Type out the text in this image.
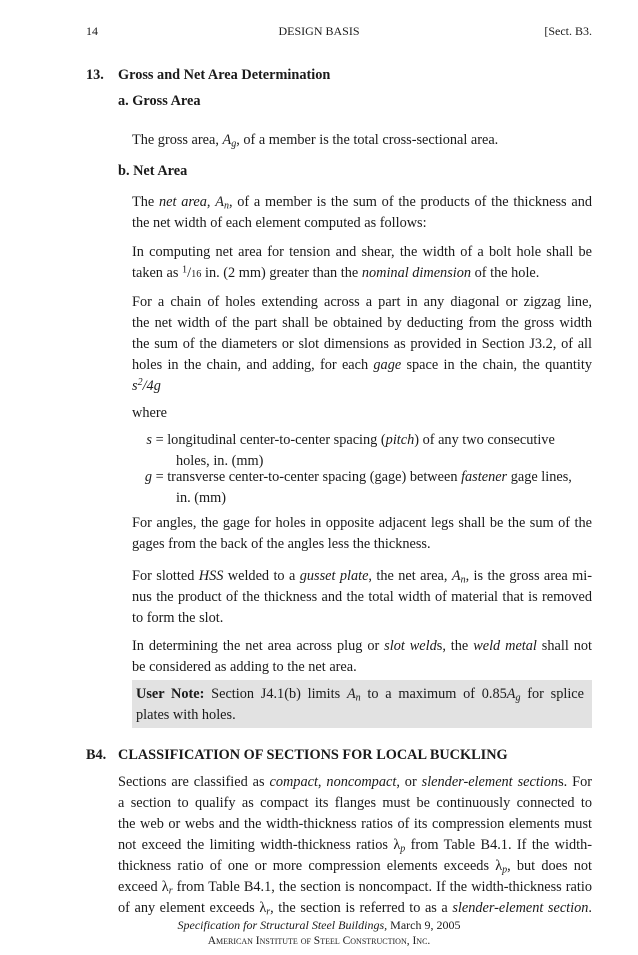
14	DESIGN BASIS	[Sect. B3.
13. Gross and Net Area Determination
a. Gross Area

The gross area, $A_g$, of a member is the total cross-sectional area.

b. Net Area

The net area, $A_n$, of a member is the sum of the products of the thickness and
the net width of each element computed as follows:

In computing net area for tension and shear, the width of a bolt hole shall be
taken as $^1$/16 in. (2 mm) greater than the nominal dimension of the hole.

For a chain of holes extending across a part in any diagonal or zigzag line,
the net width of the part shall be obtained by deducting from the gross width
the sum of the diameters or slot dimensions as provided in Section J3.2, of all
holes in the chain, and adding, for each gage space in the chain, the quantity
$s^2/4g$

where
s = longitudinal center-to-center spacing (pitch) of any two consecutive
holes, in. (mm)
g = transverse center-to-center spacing (gage) between fastener gage lines,
in. (mm)

For angles, the gage for holes in opposite adjacent legs shall be the sum of the
gages from the back of the angles less the thickness.

For slotted HSS welded to a gusset plate, the net area, $A_n$, is the gross area mi-
nus the product of the thickness and the total width of material that is removed
to form the slot.

In determining the net area across plug or slot welds, the weld metal shall not
be considered as adding to the net area.

User Note: Section J4.1(b) limits $A_n$ to a maximum of $0.85A_g$ for splice
plates with holes.

B4. CLASSIFICATION OF SECTIONS FOR LOCAL BUCKLING

Sections are classified as compact, noncompact, or slender-element sections. For
a section to qualify as compact its flanges must be continuously connected to
the web or webs and the width-thickness ratios of its compression elements must
not exceed the limiting width-thickness ratios $\lambda_p$ from Table B4.1. If the width-
thickness ratio of one or more compression elements exceeds $\lambda_p$, but does not
exceed $\lambda_r$ from Table B4.1, the section is noncompact. If the width-thickness ratio
of any element exceeds $\lambda_r$, the section is referred to as a slender-element section.

Specification for Structural Steel Buildings, March 9, 2005
American Institute of Steel Construction, Inc.
